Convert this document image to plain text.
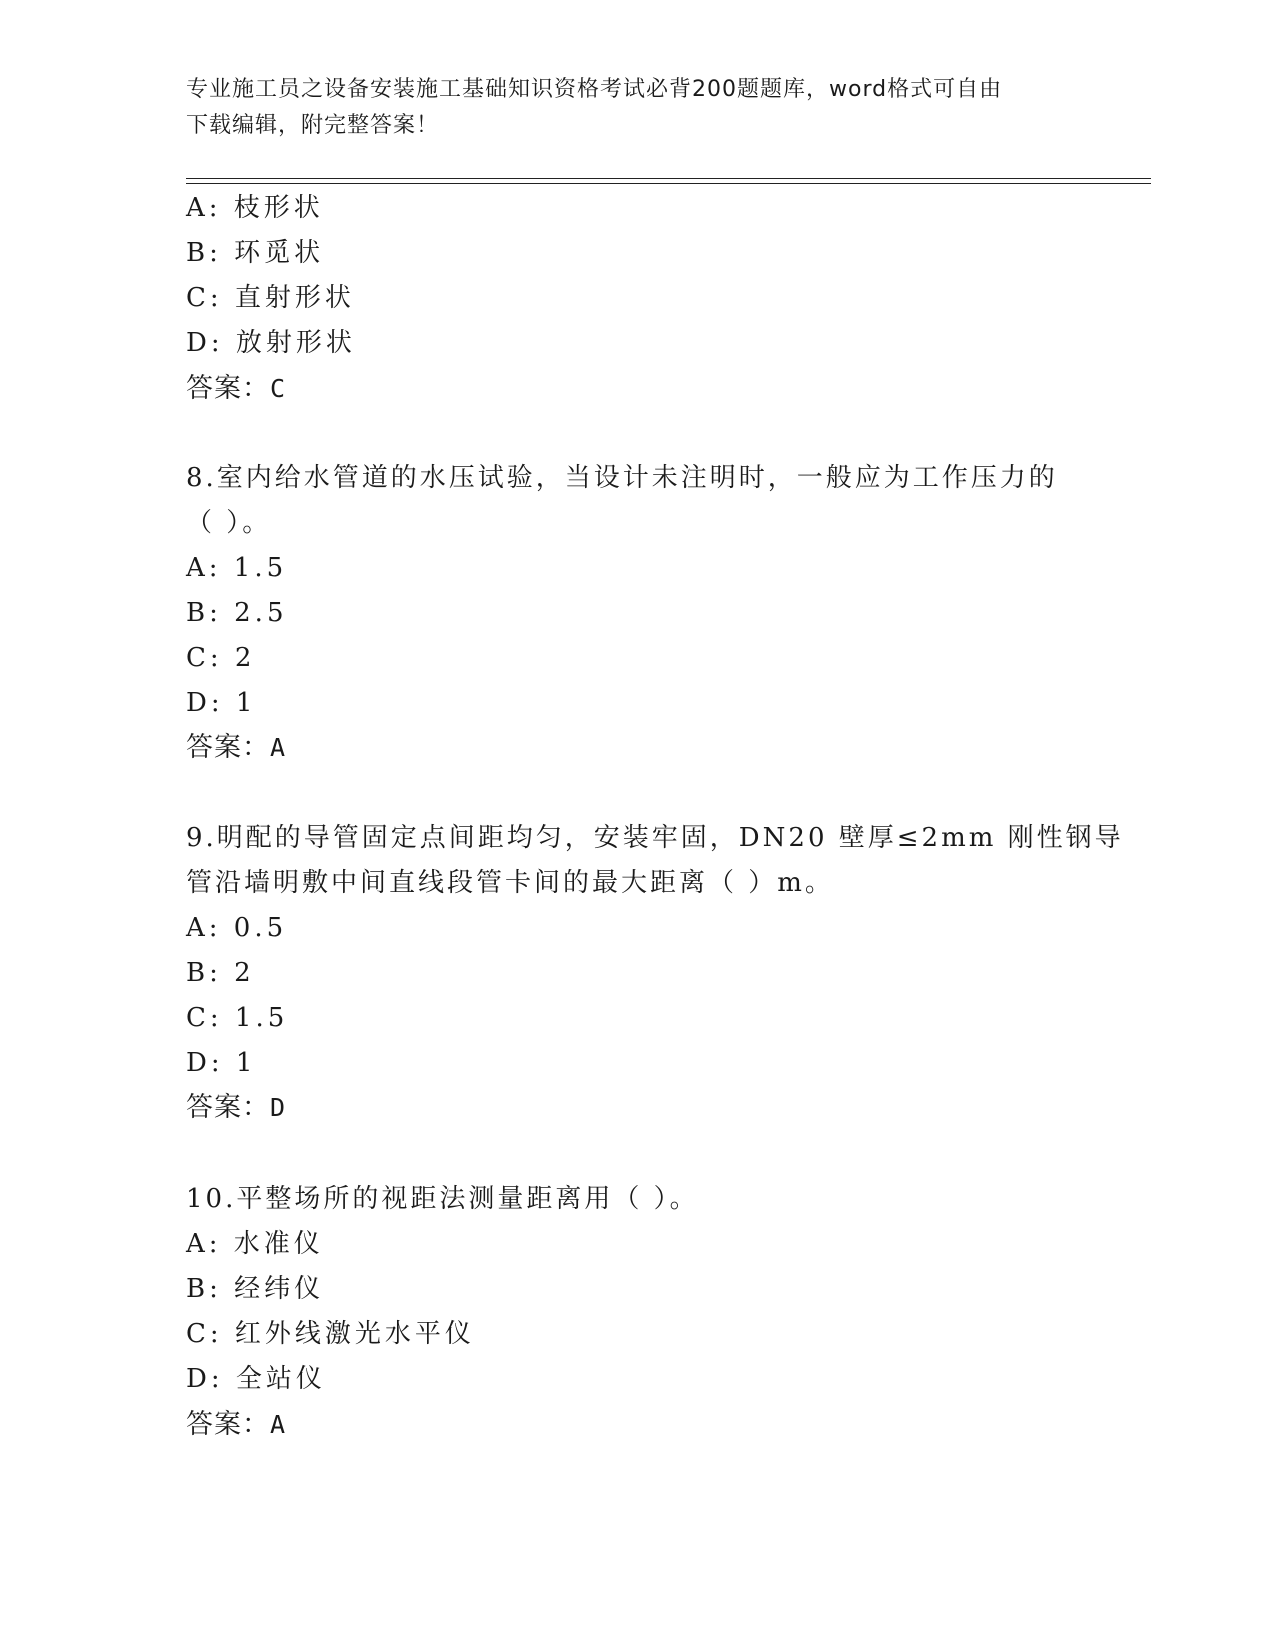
专业施工员之设备安装施工基础知识资格考试必背200题题库，word格式可自由
下载编辑，附完整答案！
A: 枝形状
B: 环觅状
C: 直射形状
D: 放射形状
答案：C
8.室内给水管道的水压试验，当设计未注明时，一般应为工作压力的
（ ）。
A: 1.5
B: 2.5
C: 2
D: 1
答案：A
9.明配的导管固定点间距均匀，安装牢固，DN20 壁厚≤2mm 刚性钢导
管沿墙明敷中间直线段管卡间的最大距离（ ）m。
A: 0.5
B: 2
C: 1.5
D: 1
答案：D
10.平整场所的视距法测量距离用（ ）。
A: 水准仪
B: 经纬仪
C: 红外线激光水平仪
D: 全站仪
答案：A
